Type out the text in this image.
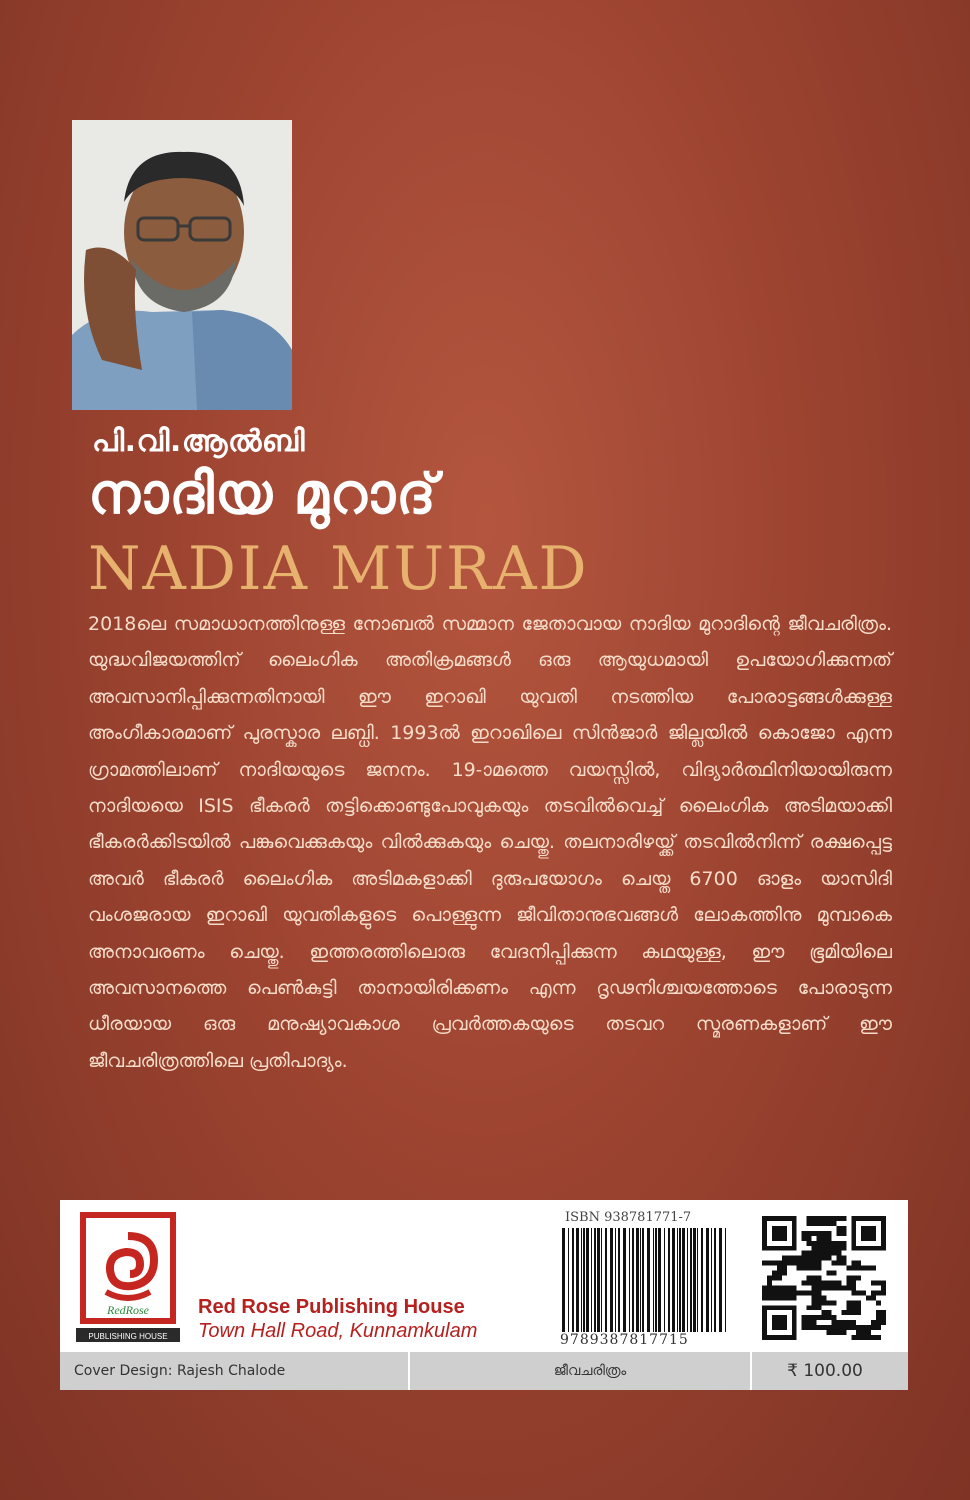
പി.വി.ആൽബി
നാദിയ മുറാദ്
NADIA MURAD

2018ലെ സമാധാനത്തിനുള്ള നോബൽ സമ്മാന ജേതാവായ നാദിയ മുറാദിന്റെ ജീവചരിത്രം. യുദ്ധവിജയത്തിന് ലൈംഗിക അതിക്രമങ്ങൾ ഒരു ആയുധമായി ഉപയോഗിക്കുന്നത് അവസാനിപ്പിക്കുന്നതിനായി ഈ ഇറാഖി യുവതി നടത്തിയ പോരാട്ടങ്ങൾക്കുള്ള അംഗീകാരമാണ് പുരസ്കാര ലബ്ധി. 1993ൽ ഇറാഖിലെ സിൻജാർ ജില്ലയിൽ കൊജോ എന്ന ഗ്രാമത്തിലാണ് നാദിയയുടെ ജനനം. 19-ാമത്തെ വയസ്സിൽ, വിദ്യാർത്ഥിനിയായിരുന്ന നാദിയയെ ISIS ഭീകരർ തട്ടിക്കൊണ്ടുപോവുകയും തടവിൽവെച്ച് ലൈംഗിക അടിമയാക്കി ഭീകരർക്കിടയിൽ പങ്കുവെക്കുകയും വിൽക്കുകയും ചെയ്തു. തലനാരിഴയ്ക്ക് തടവിൽനിന്ന് രക്ഷപ്പെട്ട അവർ ഭീകരർ ലൈംഗിക അടിമകളാക്കി ദുരുപയോഗം ചെയ്ത 6700 ഓളം യാസിദി വംശജരായ ഇറാഖി യുവതികളുടെ പൊള്ളുന്ന ജീവിതാനുഭവങ്ങൾ ലോകത്തിനു മുമ്പാകെ അനാവരണം ചെയ്തു. ഇത്തരത്തിലൊരു വേദനിപ്പിക്കുന്ന കഥയുള്ള, ഈ ഭൂമിയിലെ അവസാനത്തെ പെൺകുട്ടി താനായിരിക്കണം എന്ന ദൃഢനിശ്ചയത്തോടെ പോരാടുന്ന ധീരയായ ഒരു മനുഷ്യാവകാശ പ്രവർത്തകയുടെ തടവറ സ്മരണകളാണ് ഈ ജീവചരിത്രത്തിലെ പ്രതിപാദ്യം.

RedRose
PUBLISHING HOUSE
Red Rose Publishing House
Town Hall Road, Kunnamkulam
ISBN 938781771-7
9789387817715
Cover Design: Rajesh Chalode	ജീവചരിത്രം	₹ 100.00
